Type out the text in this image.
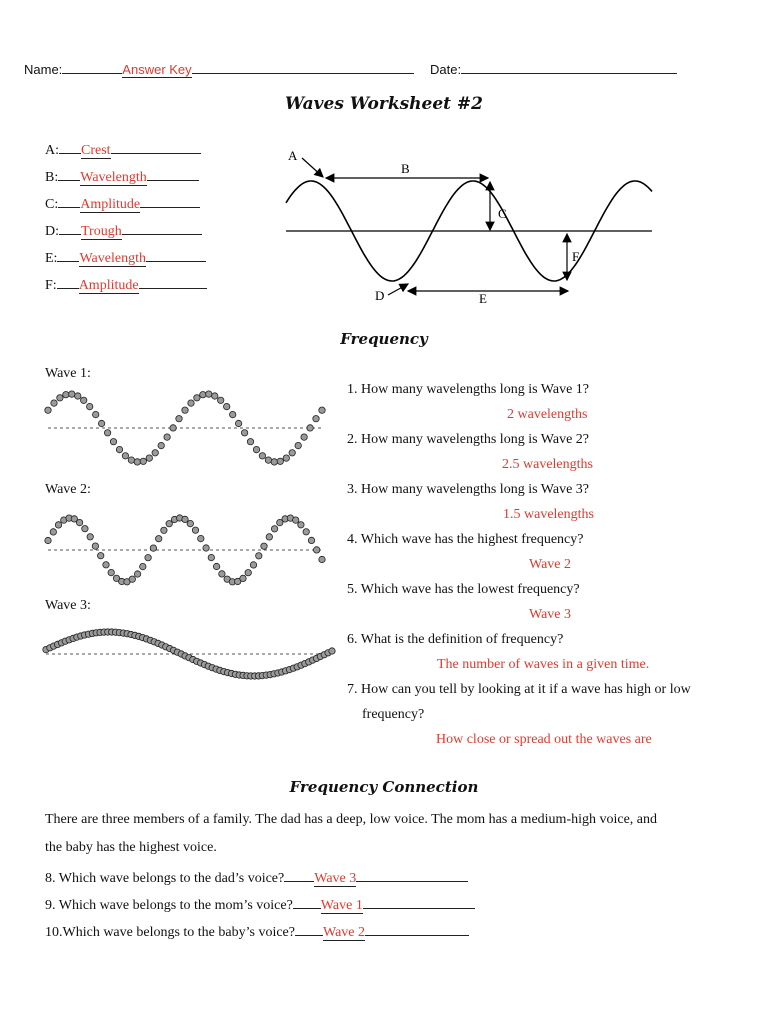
Name:	Answer Key	Date:
Waves Worksheet #2
A: Crest
B: Wavelength
C: Amplitude
D: Trough
E: Wavelength
F: Amplitude
A
B
C
F
D	E
Frequency
Wave 1:
Wave 2:
Wave 3:
1. How many wavelengths long is Wave 1?
2 wavelengths
2. How many wavelengths long is Wave 2?
2.5 wavelengths
3. How many wavelengths long is Wave 3?
1.5 wavelengths
4. Which wave has the highest frequency?
Wave 2
5. Which wave has the lowest frequency?
Wave 3
6. What is the definition of frequency?
The number of waves in a given time.
7. How can you tell by looking at it if a wave has high or low
frequency?
How close or spread out the waves are
Frequency Connection
There are three members of a family. The dad has a deep, low voice. The mom has a medium-high voice, and
the baby has the highest voice.
8. Which wave belongs to the dad’s voice? Wave 3
9. Which wave belongs to the mom’s voice? Wave 1
10.Which wave belongs to the baby’s voice? Wave 2
